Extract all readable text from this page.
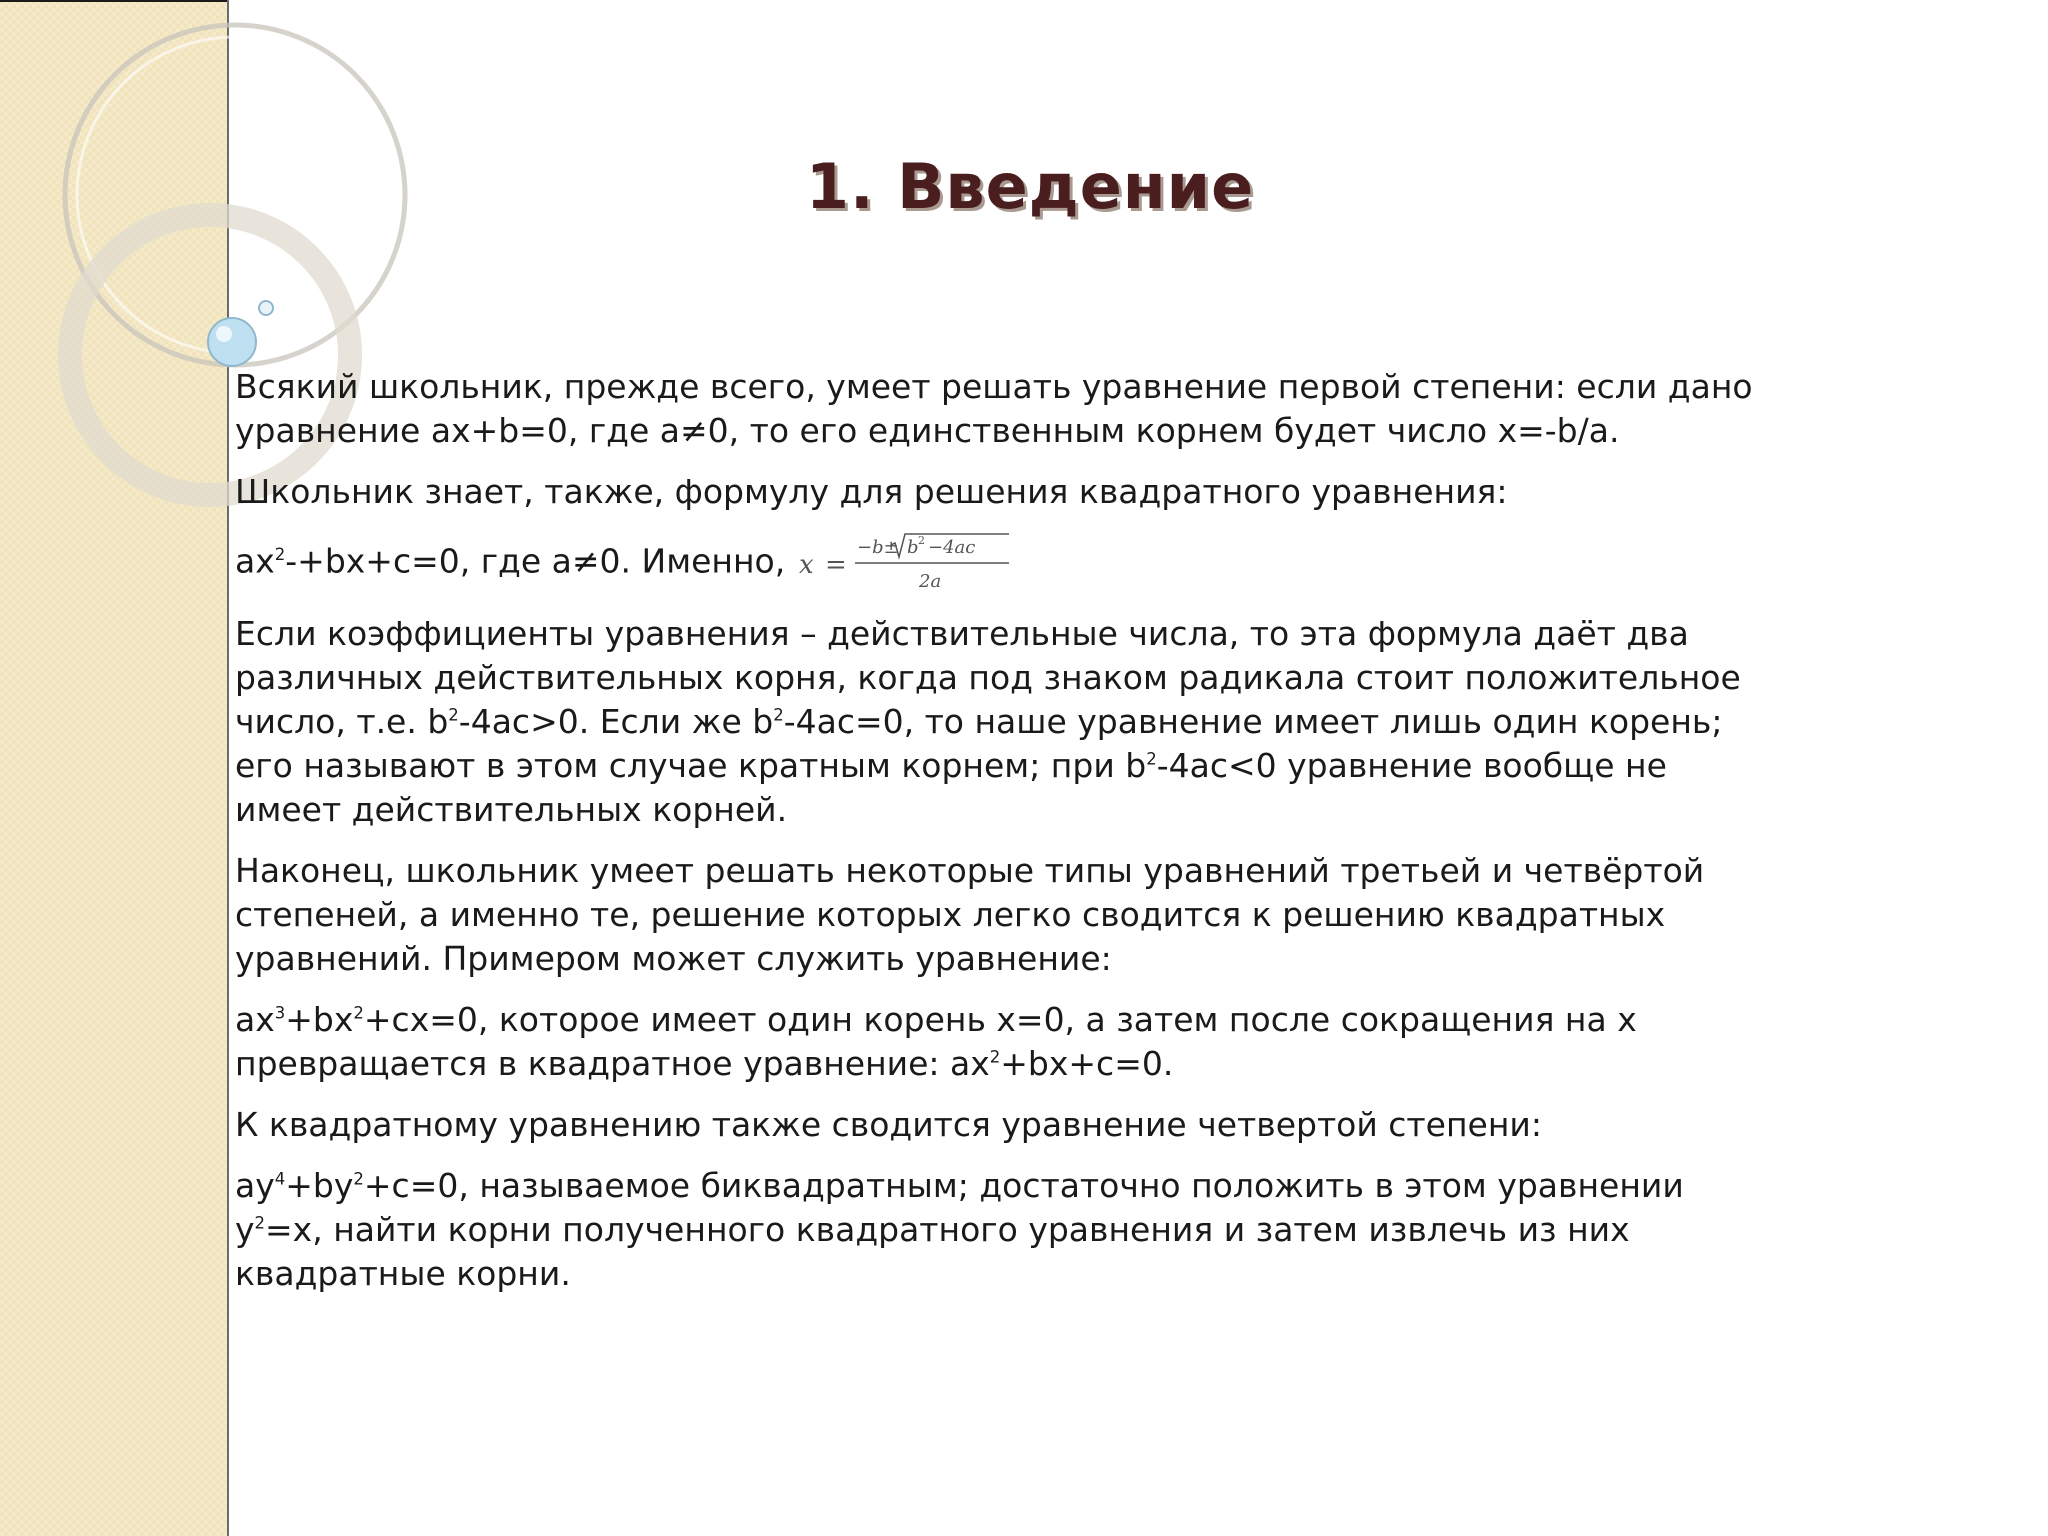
1. Введение

Всякий школьник, прежде всего, умеет решать уравнение первой степени: если дано уравнение ax+b=0, где a≠0, то его единственным корнем будет число x=-b/a.

Школьник знает, также, формулу для решения квадратного уравнения:

$ax^2-+bx+c=0$, где a≠0. Именно, x =
−b± b 2 −4ac
2a

Если коэффициенты уравнения – действительные числа, то эта формула даёт два различных действительных корня, когда под знаком радикала стоит положительное число, т.е. $b^2-4ac>0$. Если же $b^2-4ac=0$, то наше уравнение имеет лишь один корень; его называют в этом случае кратным корнем; при $b^2-4ac<0$ уравнение вообще не имеет действительных корней.

Наконец, школьник умеет решать некоторые типы уравнений третьей и четвёртой степеней, а именно те, решение которых легко сводится к решению квадратных уравнений. Примером может служить уравнение:

$ax^3+bx^2+cx=0$, которое имеет один корень x=0, а затем после сокращения на x превращается в квадратное уравнение: $ax^2+bx+c=0$.

К квадратному уравнению также сводится уравнение четвертой степени:

$ay^4+by^2+c=0$, называемое биквадратным; достаточно положить в этом уравнении $y^2=x$, найти корни полученного квадратного уравнения и затем извлечь из них квадратные корни.
